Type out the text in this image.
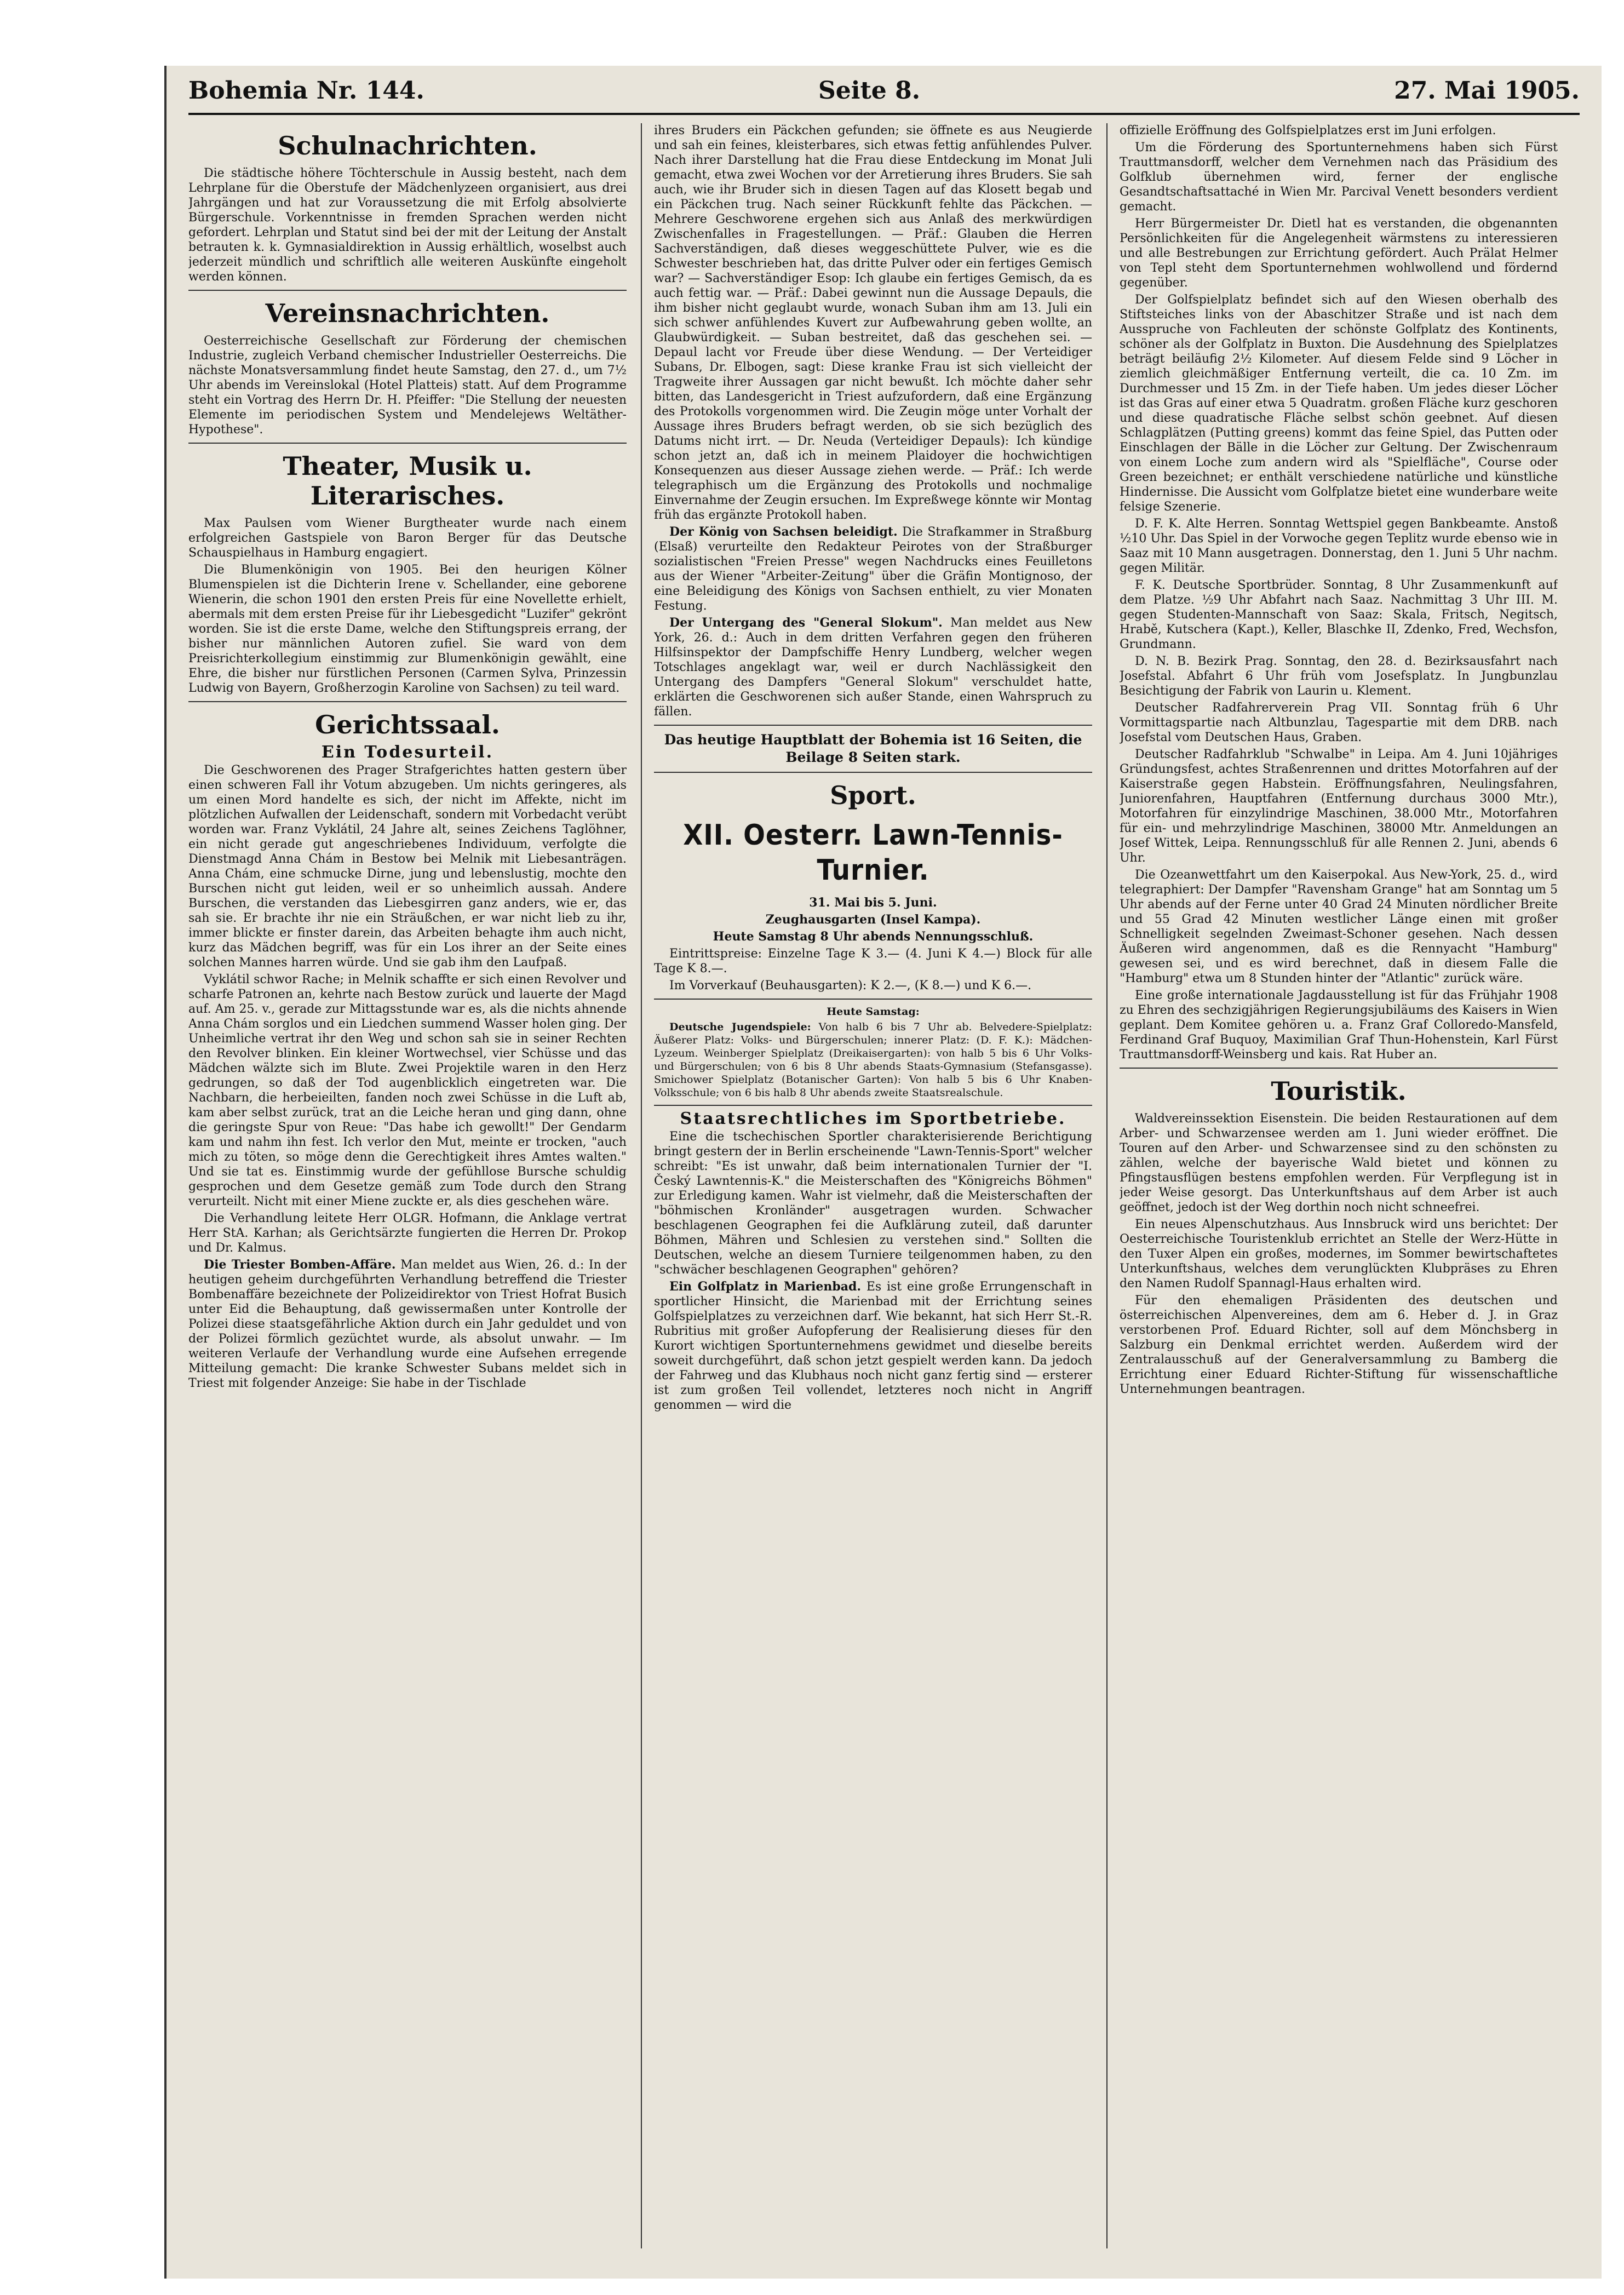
Bohemia Nr. 144.	Seite 8.	27. Mai 1905.
Schulnachrichten.

Die städtische höhere Töchterschule in Aussig besteht, nach dem Lehrplane für die Oberstufe der Mädchenlyzeen organisiert, aus drei Jahrgängen und hat zur Voraussetzung die mit Erfolg absolvierte Bürgerschule. Vorkenntnisse in fremden Sprachen werden nicht gefordert. Lehrplan und Statut sind bei der mit der Leitung der Anstalt betrauten k. k. Gymnasialdirektion in Aussig erhältlich, woselbst auch jederzeit mündlich und schriftlich alle weiteren Auskünfte eingeholt werden können.

Vereinsnachrichten.

Oesterreichische Gesellschaft zur Förderung der chemischen Industrie, zugleich Verband chemischer Industrieller Oesterreichs. Die nächste Monatsversammlung findet heute Samstag, den 27. d., um 7½ Uhr abends im Vereinslokal (Hotel Platteis) statt. Auf dem Programme steht ein Vortrag des Herrn Dr. H. Pfeiffer: "Die Stellung der neuesten Elemente im periodischen System und Mendelejews Weltäther-Hypothese".

Theater, Musik u. Literarisches.

Max Paulsen vom Wiener Burgtheater wurde nach einem erfolgreichen Gastspiele von Baron Berger für das Deutsche Schauspielhaus in Hamburg engagiert.

Die Blumenkönigin von 1905. Bei den heurigen Kölner Blumenspielen ist die Dichterin Irene v. Schellander, eine geborene Wienerin, die schon 1901 den ersten Preis für eine Novellette erhielt, abermals mit dem ersten Preise für ihr Liebesgedicht "Luzifer" gekrönt worden. Sie ist die erste Dame, welche den Stiftungspreis errang, der bisher nur männlichen Autoren zufiel. Sie ward von dem Preisrichterkollegium einstimmig zur Blumenkönigin gewählt, eine Ehre, die bisher nur fürstlichen Personen (Carmen Sylva, Prinzessin Ludwig von Bayern, Großherzogin Karoline von Sachsen) zu teil ward.

Gerichtssaal.
Ein Todesurteil.

Die Geschworenen des Prager Strafgerichtes hatten gestern über einen schweren Fall ihr Votum abzugeben. Um nichts geringeres, als um einen Mord handelte es sich, der nicht im Affekte, nicht im plötzlichen Aufwallen der Leidenschaft, sondern mit Vorbedacht verübt worden war. Franz Vyklátil, 24 Jahre alt, seines Zeichens Taglöhner, ein nicht gerade gut angeschriebenes Individuum, verfolgte die Dienstmagd Anna Chám in Bestow bei Melnik mit Liebesanträgen. Anna Chám, eine schmucke Dirne, jung und lebenslustig, mochte den Burschen nicht gut leiden, weil er so unheimlich aussah. Andere Burschen, die verstanden das Liebesgirren ganz anders, wie er, das sah sie. Er brachte ihr nie ein Sträußchen, er war nicht lieb zu ihr, immer blickte er finster darein, das Arbeiten behagte ihm auch nicht, kurz das Mädchen begriff, was für ein Los ihrer an der Seite eines solchen Mannes harren würde. Und sie gab ihm den Laufpaß.

Vyklátil schwor Rache; in Melnik schaffte er sich einen Revolver und scharfe Patronen an, kehrte nach Bestow zurück und lauerte der Magd auf. Am 25. v., gerade zur Mittagsstunde war es, als die nichts ahnende Anna Chám sorglos und ein Liedchen summend Wasser holen ging. Der Unheimliche vertrat ihr den Weg und schon sah sie in seiner Rechten den Revolver blinken. Ein kleiner Wortwechsel, vier Schüsse und das Mädchen wälzte sich im Blute. Zwei Projektile waren in den Herz gedrungen, so daß der Tod augenblicklich eingetreten war. Die Nachbarn, die herbeieilten, fanden noch zwei Schüsse in die Luft ab, kam aber selbst zurück, trat an die Leiche heran und ging dann, ohne die geringste Spur von Reue: "Das habe ich gewollt!" Der Gendarm kam und nahm ihn fest. Ich verlor den Mut, meinte er trocken, "auch mich zu töten, so möge denn die Gerechtigkeit ihres Amtes walten." Und sie tat es. Einstimmig wurde der gefühllose Bursche schuldig gesprochen und dem Gesetze gemäß zum Tode durch den Strang verurteilt. Nicht mit einer Miene zuckte er, als dies geschehen wäre.

Die Verhandlung leitete Herr OLGR. Hofmann, die Anklage vertrat Herr StA. Karhan; als Gerichtsärzte fungierten die Herren Dr. Prokop und Dr. Kalmus.

Die Triester Bomben-Affäre. Man meldet aus Wien, 26. d.: In der heutigen geheim durchgeführten Verhandlung betreffend die Triester Bombenaffäre bezeichnete der Polizeidirektor von Triest Hofrat Busich unter Eid die Behauptung, daß gewissermaßen unter Kontrolle der Polizei diese staatsgefährliche Aktion durch ein Jahr geduldet und von der Polizei förmlich gezüchtet wurde, als absolut unwahr. — Im weiteren Verlaufe der Verhandlung wurde eine Aufsehen erregende Mitteilung gemacht: Die kranke Schwester Subans meldet sich in Triest mit folgender Anzeige: Sie habe in der Tischlade

ihres Bruders ein Päckchen gefunden; sie öffnete es aus Neugierde und sah ein feines, kleisterbares, sich etwas fettig anfühlendes Pulver. Nach ihrer Darstellung hat die Frau diese Entdeckung im Monat Juli gemacht, etwa zwei Wochen vor der Arretierung ihres Bruders. Sie sah auch, wie ihr Bruder sich in diesen Tagen auf das Klosett begab und ein Päckchen trug. Nach seiner Rückkunft fehlte das Päckchen. — Mehrere Geschworene ergehen sich aus Anlaß des merkwürdigen Zwischenfalles in Fragestellungen. — Präf.: Glauben die Herren Sachverständigen, daß dieses weggeschüttete Pulver, wie es die Schwester beschrieben hat, das dritte Pulver oder ein fertiges Gemisch war? — Sachverständiger Esop: Ich glaube ein fertiges Gemisch, da es auch fettig war. — Präf.: Dabei gewinnt nun die Aussage Depauls, die ihm bisher nicht geglaubt wurde, wonach Suban ihm am 13. Juli ein sich schwer anfühlendes Kuvert zur Aufbewahrung geben wollte, an Glaubwürdigkeit. — Suban bestreitet, daß das geschehen sei. — Depaul lacht vor Freude über diese Wendung. — Der Verteidiger Subans, Dr. Elbogen, sagt: Diese kranke Frau ist sich vielleicht der Tragweite ihrer Aussagen gar nicht bewußt. Ich möchte daher sehr bitten, das Landesgericht in Triest aufzufordern, daß eine Ergänzung des Protokolls vorgenommen wird. Die Zeugin möge unter Vorhalt der Aussage ihres Bruders befragt werden, ob sie sich bezüglich des Datums nicht irrt. — Dr. Neuda (Verteidiger Depauls): Ich kündige schon jetzt an, daß ich in meinem Plaidoyer die hochwichtigen Konsequenzen aus dieser Aussage ziehen werde. — Präf.: Ich werde telegraphisch um die Ergänzung des Protokolls und nochmalige Einvernahme der Zeugin ersuchen. Im Expreßwege könnte wir Montag früh das ergänzte Protokoll haben.

Der König von Sachsen beleidigt. Die Strafkammer in Straßburg (Elsaß) verurteilte den Redakteur Peirotes von der Straßburger sozialistischen "Freien Presse" wegen Nachdrucks eines Feuilletons aus der Wiener "Arbeiter-Zeitung" über die Gräfin Montignoso, der eine Beleidigung des Königs von Sachsen enthielt, zu vier Monaten Festung.

Der Untergang des "General Slokum". Man meldet aus New York, 26. d.: Auch in dem dritten Verfahren gegen den früheren Hilfsinspektor der Dampfschiffe Henry Lundberg, welcher wegen Totschlages angeklagt war, weil er durch Nachlässigkeit den Untergang des Dampfers "General Slokum" verschuldet hatte, erklärten die Geschworenen sich außer Stande, einen Wahrspruch zu fällen.

Das heutige Hauptblatt der Bohemia ist 16 Seiten, die Beilage 8 Seiten stark.
Sport.
XII. Oesterr. Lawn-Tennis-Turnier.

31. Mai bis 5. Juni.

Zeughausgarten (Insel Kampa).

Heute Samstag 8 Uhr abends Nennungsschluß.

Eintrittspreise: Einzelne Tage K 3.— (4. Juni K 4.—) Block für alle Tage K 8.—.

Im Vorverkauf (Beuhausgarten): K 2.—, (K 8.—) und K 6.—.

Heute Samstag:

Deutsche Jugendspiele: Von halb 6 bis 7 Uhr ab. Belvedere-Spielplatz: Äußerer Platz: Volks- und Bürgerschulen; innerer Platz: (D. F. K.): Mädchen-Lyzeum. Weinberger Spielplatz (Dreikaisergarten): von halb 5 bis 6 Uhr Volks- und Bürgerschulen; von 6 bis 8 Uhr abends Staats-Gymnasium (Stefansgasse). Smichower Spielplatz (Botanischer Garten): Von halb 5 bis 6 Uhr Knaben-Volksschule; von 6 bis halb 8 Uhr abends zweite Staatsrealschule.

Staatsrechtliches im Sportbetriebe.

Eine die tschechischen Sportler charakterisierende Berichtigung bringt gestern der in Berlin erscheinende "Lawn-Tennis-Sport" welcher schreibt: "Es ist unwahr, daß beim internationalen Turnier der "I. Český Lawntennis-K." die Meisterschaften des "Königreichs Böhmen" zur Erledigung kamen. Wahr ist vielmehr, daß die Meisterschaften der "böhmischen Kronländer" ausgetragen wurden. Schwacher beschlagenen Geographen fei die Aufklärung zuteil, daß darunter Böhmen, Mähren und Schlesien zu verstehen sind." Sollten die Deutschen, welche an diesem Turniere teilgenommen haben, zu den "schwächer beschlagenen Geographen" gehören?

Ein Golfplatz in Marienbad. Es ist eine große Errungenschaft in sportlicher Hinsicht, die Marienbad mit der Errichtung seines Golfspielplatzes zu verzeichnen darf. Wie bekannt, hat sich Herr St.-R. Rubritius mit großer Aufopferung der Realisierung dieses für den Kurort wichtigen Sportunternehmens gewidmet und dieselbe bereits soweit durchgeführt, daß schon jetzt gespielt werden kann. Da jedoch der Fahrweg und das Klubhaus noch nicht ganz fertig sind — ersterer ist zum großen Teil vollendet, letzteres noch nicht in Angriff genommen — wird die

offizielle Eröffnung des Golfspielplatzes erst im Juni erfolgen.

Um die Förderung des Sportunternehmens haben sich Fürst Trauttmansdorff, welcher dem Vernehmen nach das Präsidium des Golfklub übernehmen wird, ferner der englische Gesandtschaftsattaché in Wien Mr. Parcival Venett besonders verdient gemacht.

Herr Bürgermeister Dr. Dietl hat es verstanden, die obgenannten Persönlichkeiten für die Angelegenheit wärmstens zu interessieren und alle Bestrebungen zur Errichtung gefördert. Auch Prälat Helmer von Tepl steht dem Sportunternehmen wohlwollend und fördernd gegenüber.

Der Golfspielplatz befindet sich auf den Wiesen oberhalb des Stiftsteiches links von der Abaschitzer Straße und ist nach dem Ausspruche von Fachleuten der schönste Golfplatz des Kontinents, schöner als der Golfplatz in Buxton. Die Ausdehnung des Spielplatzes beträgt beiläufig 2½ Kilometer. Auf diesem Felde sind 9 Löcher in ziemlich gleichmäßiger Entfernung verteilt, die ca. 10 Zm. im Durchmesser und 15 Zm. in der Tiefe haben. Um jedes dieser Löcher ist das Gras auf einer etwa 5 Quadratm. großen Fläche kurz geschoren und diese quadratische Fläche selbst schön geebnet. Auf diesen Schlagplätzen (Putting greens) kommt das feine Spiel, das Putten oder Einschlagen der Bälle in die Löcher zur Geltung. Der Zwischenraum von einem Loche zum andern wird als "Spielfläche", Course oder Green bezeichnet; er enthält verschiedene natürliche und künstliche Hindernisse. Die Aussicht vom Golfplatze bietet eine wunderbare weite felsige Szenerie.

D. F. K. Alte Herren. Sonntag Wettspiel gegen Bankbeamte. Anstoß ½10 Uhr. Das Spiel in der Vorwoche gegen Teplitz wurde ebenso wie in Saaz mit 10 Mann ausgetragen. Donnerstag, den 1. Juni 5 Uhr nachm. gegen Militär.

F. K. Deutsche Sportbrüder. Sonntag, 8 Uhr Zusammenkunft auf dem Platze. ½9 Uhr Abfahrt nach Saaz. Nachmittag 3 Uhr III. M. gegen Studenten-Mannschaft von Saaz: Skala, Fritsch, Negitsch, Hrabě, Kutschera (Kapt.), Keller, Blaschke II, Zdenko, Fred, Wechsfon, Grundmann.

D. N. B. Bezirk Prag. Sonntag, den 28. d. Bezirksausfahrt nach Josefstal. Abfahrt 6 Uhr früh vom Josefsplatz. In Jungbunzlau Besichtigung der Fabrik von Laurin u. Klement.

Deutscher Radfahrerverein Prag VII. Sonntag früh 6 Uhr Vormittagspartie nach Altbunzlau, Tagespartie mit dem DRB. nach Josefstal vom Deutschen Haus, Graben.

Deutscher Radfahrklub "Schwalbe" in Leipa. Am 4. Juni 10jähriges Gründungsfest, achtes Straßenrennen und drittes Motorfahren auf der Kaiserstraße gegen Habstein. Eröffnungsfahren, Neulingsfahren, Juniorenfahren, Hauptfahren (Entfernung durchaus 3000 Mtr.), Motorfahren für einzylindrige Maschinen, 38.000 Mtr., Motorfahren für ein- und mehrzylindrige Maschinen, 38000 Mtr. Anmeldungen an Josef Wittek, Leipa. Rennungsschluß für alle Rennen 2. Juni, abends 6 Uhr.

Die Ozeanwettfahrt um den Kaiserpokal. Aus New-York, 25. d., wird telegraphiert: Der Dampfer "Ravensham Grange" hat am Sonntag um 5 Uhr abends auf der Ferne unter 40 Grad 24 Minuten nördlicher Breite und 55 Grad 42 Minuten westlicher Länge einen mit großer Schnelligkeit segelnden Zweimast-Schoner gesehen. Nach dessen Äußeren wird angenommen, daß es die Rennyacht "Hamburg" gewesen sei, und es wird berechnet, daß in diesem Falle die "Hamburg" etwa um 8 Stunden hinter der "Atlantic" zurück wäre.

Eine große internationale Jagdausstellung ist für das Frühjahr 1908 zu Ehren des sechzigjährigen Regierungsjubiläums des Kaisers in Wien geplant. Dem Komitee gehören u. a. Franz Graf Colloredo-Mansfeld, Ferdinand Graf Buquoy, Maximilian Graf Thun-Hohenstein, Karl Fürst Trauttmansdorff-Weinsberg und kais. Rat Huber an.

Touristik.

Waldvereinssektion Eisenstein. Die beiden Restaurationen auf dem Arber- und Schwarzensee werden am 1. Juni wieder eröffnet. Die Touren auf den Arber- und Schwarzensee sind zu den schönsten zu zählen, welche der bayerische Wald bietet und können zu Pfingstausflügen bestens empfohlen werden. Für Verpflegung ist in jeder Weise gesorgt. Das Unterkunftshaus auf dem Arber ist auch geöffnet, jedoch ist der Weg dorthin noch nicht schneefrei.

Ein neues Alpenschutzhaus. Aus Innsbruck wird uns berichtet: Der Oesterreichische Touristenklub errichtet an Stelle der Werz-Hütte in den Tuxer Alpen ein großes, modernes, im Sommer bewirtschaftetes Unterkunftshaus, welches dem verunglückten Klubpräses zu Ehren den Namen Rudolf Spannagl-Haus erhalten wird.

Für den ehemaligen Präsidenten des deutschen und österreichischen Alpenvereines, dem am 6. Heber d. J. in Graz verstorbenen Prof. Eduard Richter, soll auf dem Mönchsberg in Salzburg ein Denkmal errichtet werden. Außerdem wird der Zentralausschuß auf der Generalversammlung zu Bamberg die Errichtung einer Eduard Richter-Stiftung für wissenschaftliche Unternehmungen beantragen.
